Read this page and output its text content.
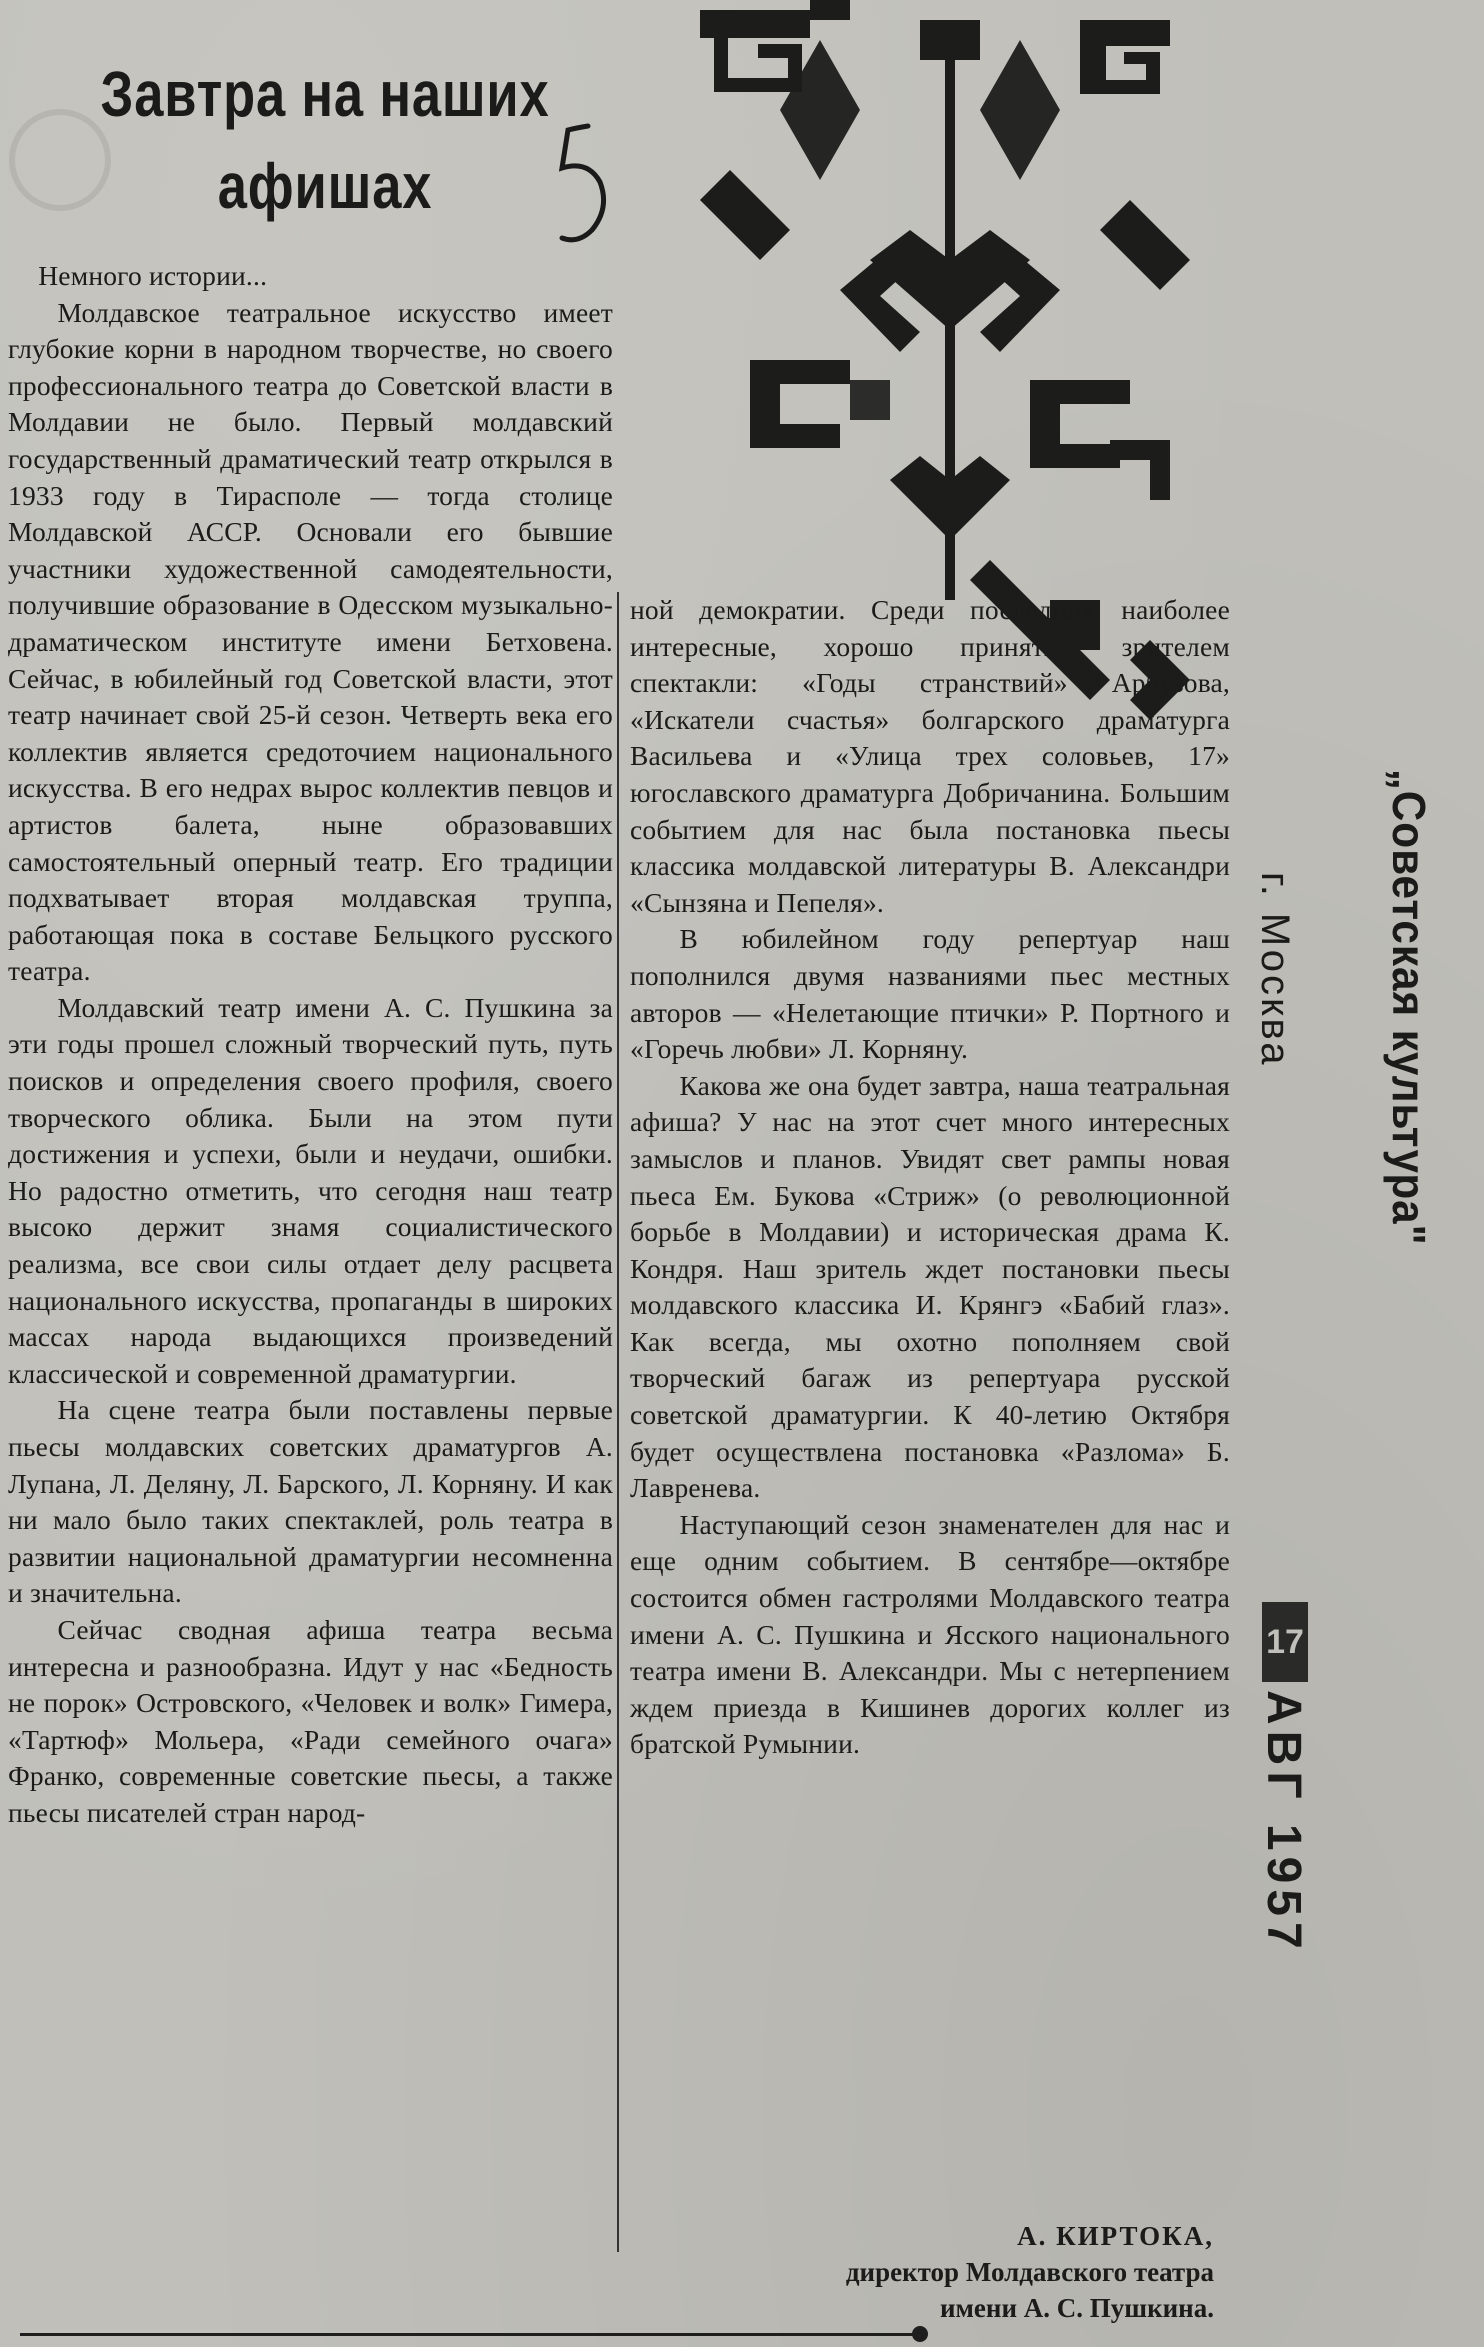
Завтра на наших афишах

Немного истории...

Молдавское театральное искусство имеет глубокие корни в народном творчестве, но своего профессионального театра до Советской власти в Молдавии не было. Первый молдавский государственный драматический театр открылся в 1933 году в Тирасполе — тогда столице Молдавской АССР. Основали его бывшие участники художественной самодеятельности, получившие образование в Одесском музыкально-драматическом институте имени Бетховена. Сейчас, в юбилейный год Советской власти, этот театр начинает свой 25-й сезон. Четверть века его коллектив является средоточием национального искусства. В его недрах вырос коллектив певцов и артистов балета, ныне образовавших самостоятельный оперный театр. Его традиции подхватывает вторая молдавская труппа, работающая пока в составе Бельцкого русского театра.

Молдавский театр имени А. С. Пушкина за эти годы прошел сложный творческий путь, путь поисков и определения своего профиля, своего творческого облика. Были на этом пути достижения и успехи, были и неудачи, ошибки. Но радостно отметить, что сегодня наш театр высоко держит знамя социалистического реализма, все свои силы отдает делу расцвета национального искусства, пропаганды в широких массах народа выдающихся произведений классической и современной драматургии.

На сцене театра были поставлены первые пьесы молдавских советских драматургов А. Лупана, Л. Деляну, Л. Барского, Л. Корняну. И как ни мало было таких спектаклей, роль театра в развитии национальной драматургии несомненна и значительна.

Сейчас сводная афиша театра весьма интересна и разнообразна. Идут у нас «Бедность не порок» Островского, «Человек и волк» Гимера, «Тартюф» Мольера, «Ради семейного очага» Франко, современные советские пьесы, а также пьесы писателей стран народ-

ной демократии. Среди последних наиболее интересные, хорошо принятые зрителем спектакли: «Годы странствий» Арбузова, «Искатели счастья» болгарского драматурга Васильева и «Улица трех соловьев, 17» югославского драматурга Добричанина. Большим событием для нас была постановка пьесы классика молдавской литературы В. Александри «Сынзяна и Пепеля».

В юбилейном году репертуар наш пополнился двумя названиями пьес местных авторов — «Нелетающие птички» Р. Портного и «Горечь любви» Л. Корняну.

Какова же она будет завтра, наша театральная афиша? У нас на этот счет много интересных замыслов и планов. Увидят свет рампы новая пьеса Ем. Букова «Стриж» (о революционной борьбе в Молдавии) и историческая драма К. Кондря. Наш зритель ждет постановки пьесы молдавского классика И. Крянгэ «Бабий глаз». Как всегда, мы охотно пополняем свой творческий багаж из репертуара русской советской драматургии. К 40-летию Октября будет осуществлена постановка «Разлома» Б. Лавренева.

Наступающий сезон знаменателен для нас и еще одним событием. В сентябре—октябре состоится обмен гастролями Молдавского театра имени А. С. Пушкина и Ясского национального театра имени В. Александри. Мы с нетерпением ждем приезда в Кишинев дорогих коллег из братской Румынии.

А. КИРТОКА,
директор Молдавского театра
имени А. С. Пушкина.
„Советская культура"
г. Москва
17
АВГ 1957
